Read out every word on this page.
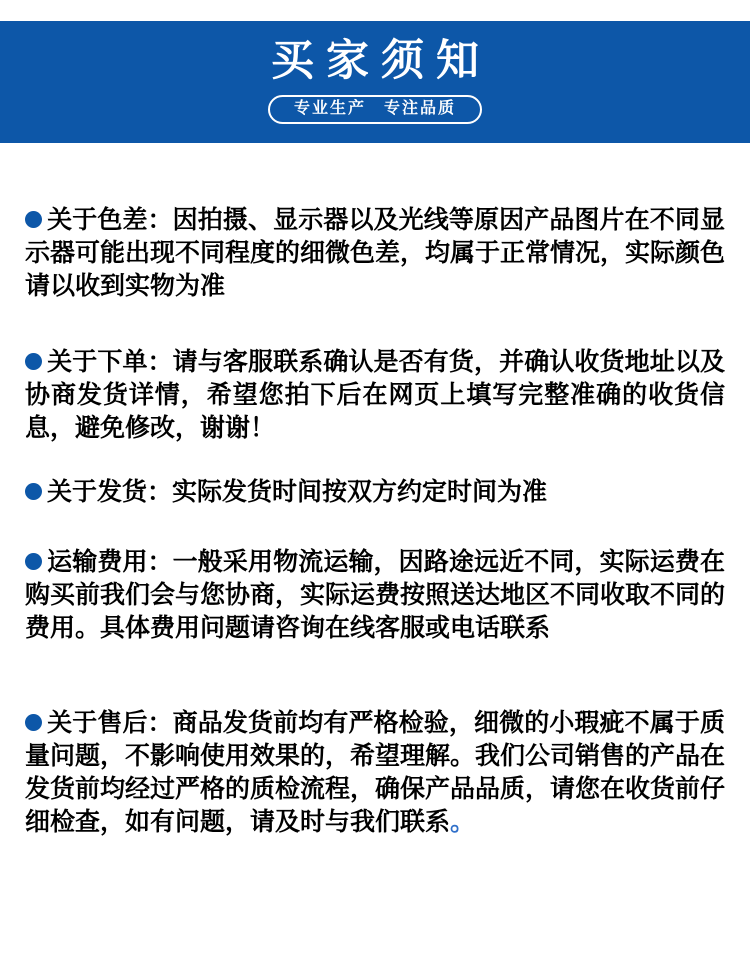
买家须知
专业生产　专注品质

关于色差：因拍摄、显示器以及光线等原因产品图片在不同显示器可能出现不同程度的细微色差，均属于正常情况，实际颜色请以收到实物为准

关于下单：请与客服联系确认是否有货，并确认收货地址以及协商发货详情，希望您拍下后在网页上填写完整准确的收货信息，避免修改，谢谢！

关于发货：实际发货时间按双方约定时间为准

运输费用：一般采用物流运输，因路途远近不同，实际运费在购买前我们会与您协商，实际运费按照送达地区不同收取不同的费用。具体费用问题请咨询在线客服或电话联系

关于售后：商品发货前均有严格检验，细微的小瑕疵不属于质量问题，不影响使用效果的，希望理解。我们公司销售的产品在发货前均经过严格的质检流程，确保产品品质，请您在收货前仔细检查，如有问题，请及时与我们联系。
